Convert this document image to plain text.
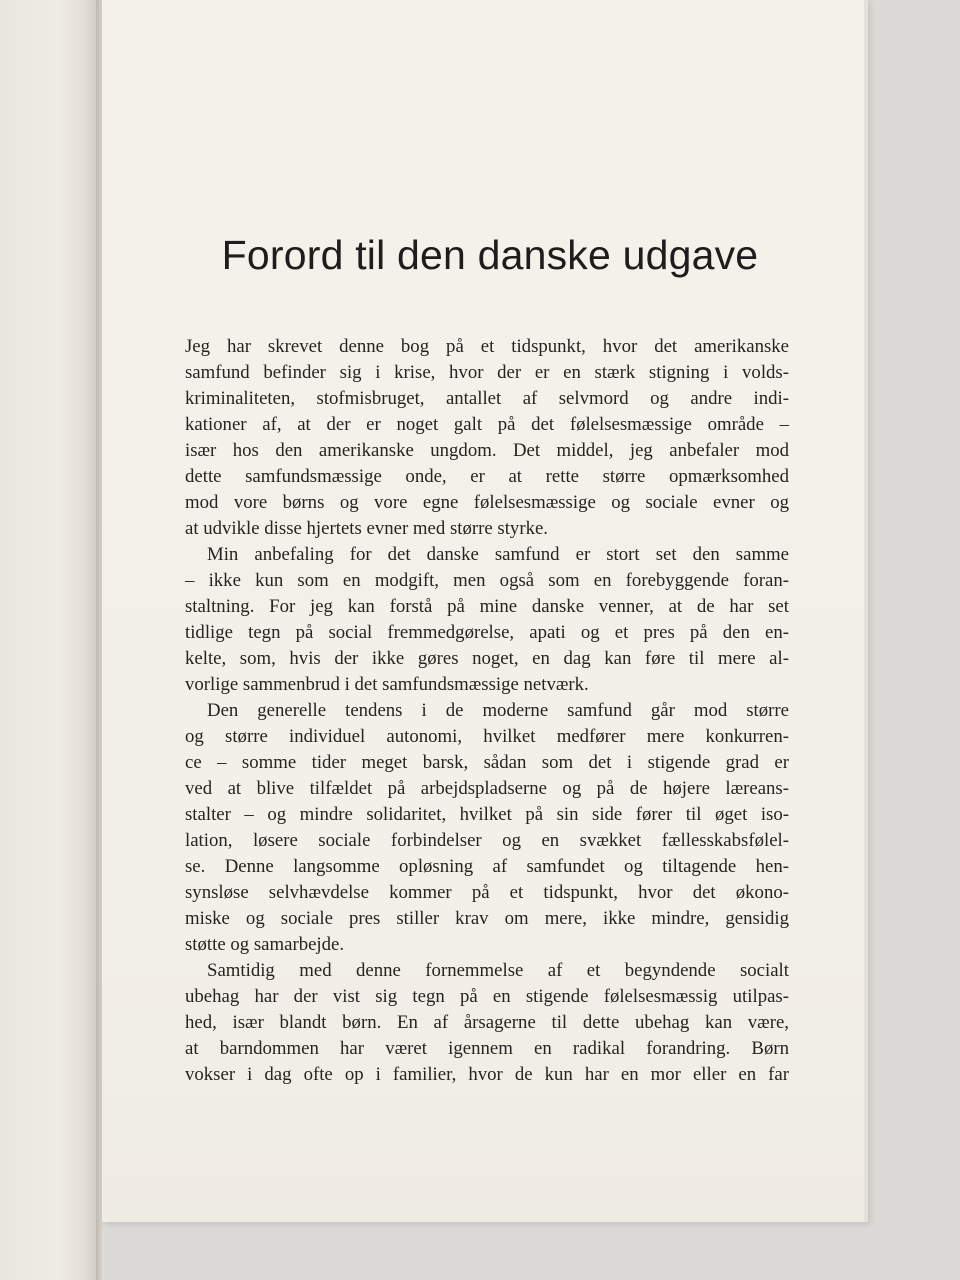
Forord til den danske udgave
Jeg har skrevet denne bog på et tidspunkt, hvor det amerikanske
samfund befinder sig i krise, hvor der er en stærk stigning i volds-
kriminaliteten, stofmisbruget, antallet af selvmord og andre indi-
kationer af, at der er noget galt på det følelsesmæssige område –
især hos den amerikanske ungdom. Det middel, jeg anbefaler mod
dette samfundsmæssige onde, er at rette større opmærksomhed
mod vore børns og vore egne følelsesmæssige og sociale evner og
at udvikle disse hjertets evner med større styrke.
Min anbefaling for det danske samfund er stort set den samme
– ikke kun som en modgift, men også som en forebyggende foran-
staltning. For jeg kan forstå på mine danske venner, at de har set
tidlige tegn på social fremmedgørelse, apati og et pres på den en-
kelte, som, hvis der ikke gøres noget, en dag kan føre til mere al-
vorlige sammenbrud i det samfundsmæssige netværk.
Den generelle tendens i de moderne samfund går mod større
og større individuel autonomi, hvilket medfører mere konkurren-
ce – somme tider meget barsk, sådan som det i stigende grad er
ved at blive tilfældet på arbejdspladserne og på de højere læreans-
stalter – og mindre solidaritet, hvilket på sin side fører til øget iso-
lation, løsere sociale forbindelser og en svækket fællesskabsfølel-
se. Denne langsomme opløsning af samfundet og tiltagende hen-
synsløse selvhævdelse kommer på et tidspunkt, hvor det økono-
miske og sociale pres stiller krav om mere, ikke mindre, gensidig
støtte og samarbejde.
Samtidig med denne fornemmelse af et begyndende socialt
ubehag har der vist sig tegn på en stigende følelsesmæssig utilpas-
hed, især blandt børn. En af årsagerne til dette ubehag kan være,
at barndommen har været igennem en radikal forandring. Børn
vokser i dag ofte op i familier, hvor de kun har en mor eller en far
